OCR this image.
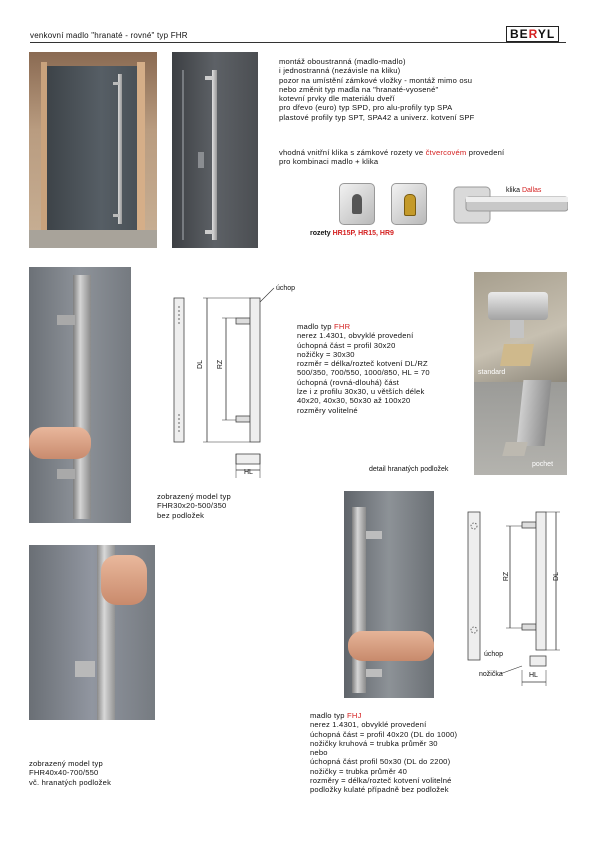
venkovní madlo "hranaté - rovné" typ FHR	BERYL
montáž oboustranná (madlo-madlo)
i jednostranná (nezávisle na kliku)
pozor na umístění zámkové vložky - montáž mimo osu
nebo změnit typ madla na "hranaté-vyosené"
kotevní prvky dle materiálu dveří
pro dřevo (euro) typ SPD, pro alu-profily typ SPA
plastové profily typ SPT, SPA42 a univerz. kotvení SPF
vhodná vnitřní klika s zámkové rozety ve čtvercovém provedení
pro kombinaci madlo + klika
rozety HR15P, HR15, HR9
klika Dallas
DL RZ
HL
úchop
madlo typ FHR
nerez 1.4301, obvyklé provedení
úchopná část = profil 30x20
nožičky = 30x30
rozměr = délka/rozteč kotvení DL/RZ
500/350, 700/550, 1000/850, HL = 70
úchopná (rovná-dlouhá) část
lze i z profilu 30x30, u větších délek
40x20, 40x30, 50x30 až 100x20
rozměry volitelné
standard
pochet
detail hranatých podložek
zobrazený model typ
FHR30x20-500/350
bez podložek
RZ	DL
úchop
nožička	HL
madlo typ FHJ
nerez 1.4301, obvyklé provedení
úchopná část = profil 40x20 (DL do 1000)
nožičky kruhová = trubka průměr 30
nebo
úchopná část profil 50x30 (DL do 2200)
nožičky = trubka průměr 40
rozměry = délka/rozteč kotvení volitelné
podložky kulaté případně bez podložek
zobrazený model typ
FHR40x40-700/550
vč. hranatých podložek
